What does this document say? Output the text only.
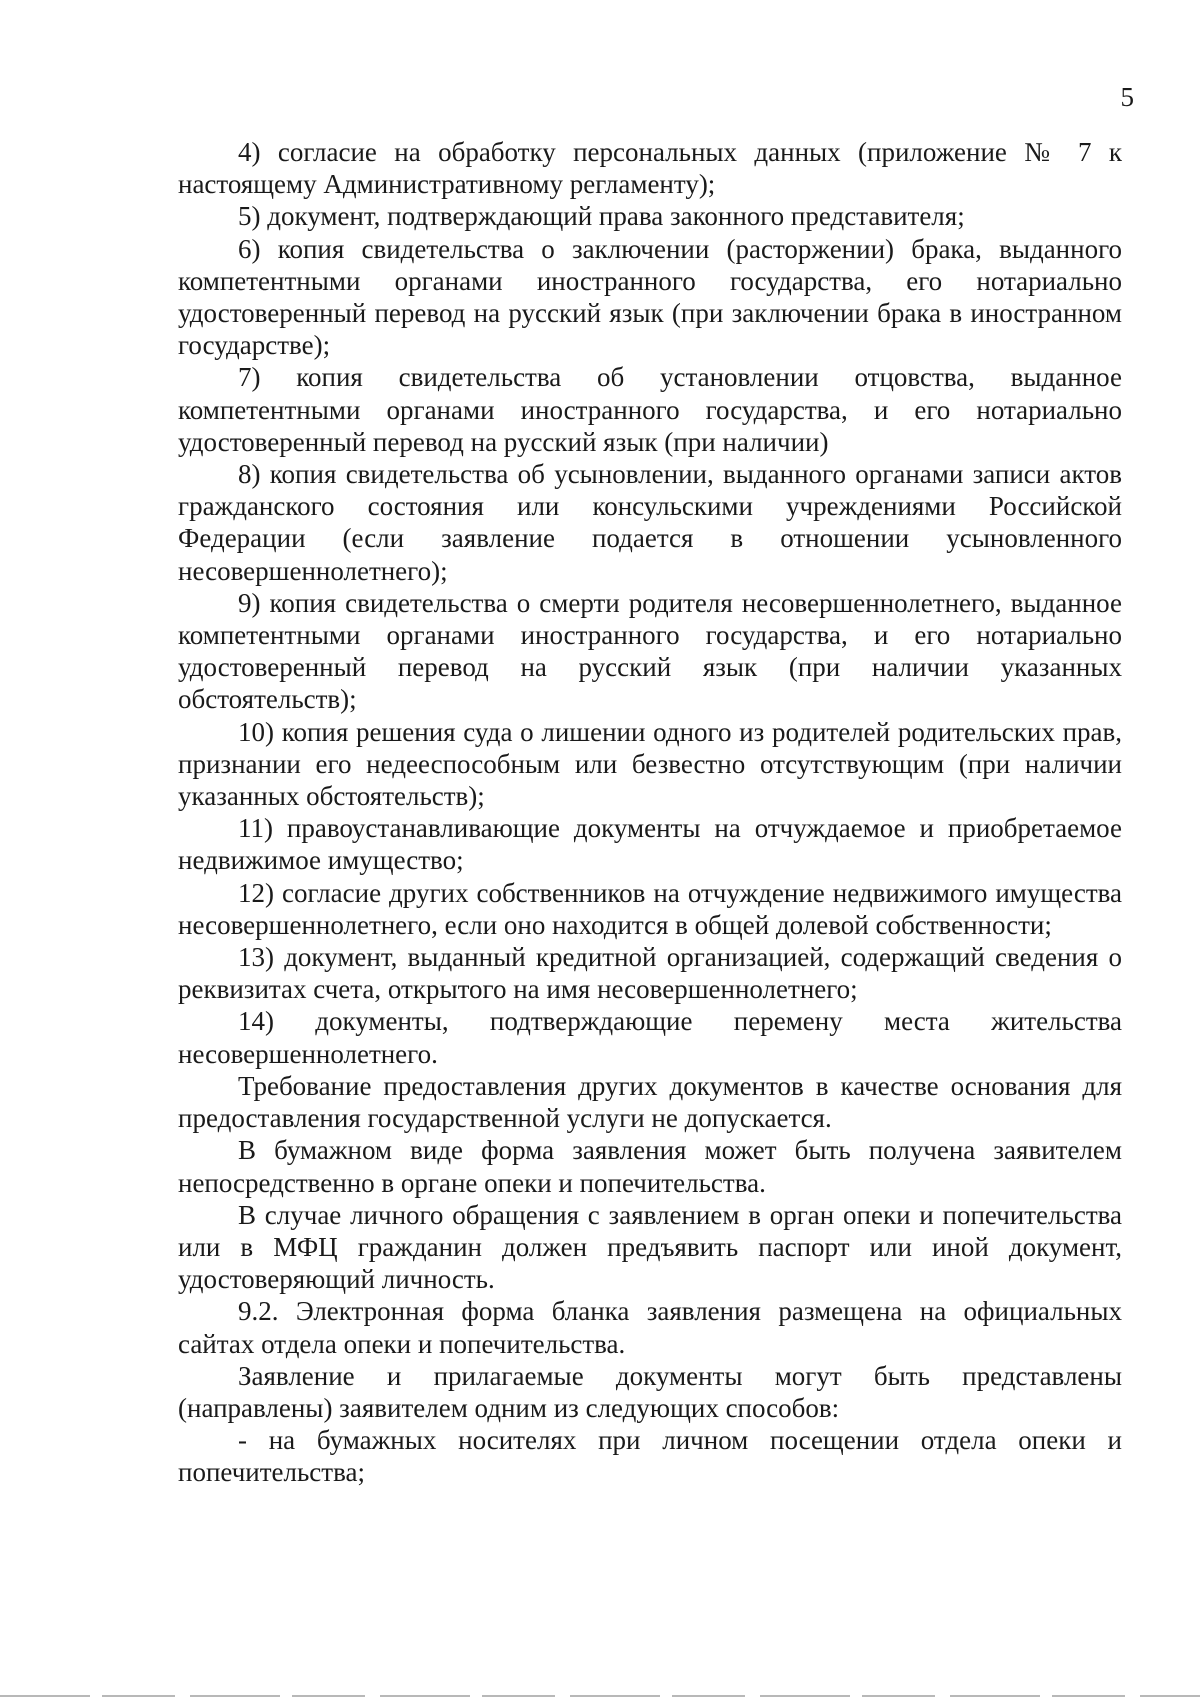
5

4) согласие на обработку персональных данных (приложение № 7 к настоящему Административному регламенту);

5) документ, подтверждающий права законного представителя;

6) копия свидетельства о заключении (расторжении) брака, выданного компетентными органами иностранного государства, его нотариально удостоверенный перевод на русский язык (при заключении брака в иностранном государстве);

7) копия свидетельства об установлении отцовства, выданное компетентными органами иностранного государства, и его нотариально удостоверенный перевод на русский язык (при наличии)

8) копия свидетельства об усыновлении, выданного органами записи актов гражданского состояния или консульскими учреждениями Российской Федерации (если заявление подается в отношении усыновленного несовершеннолетнего);

9) копия свидетельства о смерти родителя несовершеннолетнего, выданное компетентными органами иностранного государства, и его нотариально удостоверенный перевод на русский язык (при наличии указанных обстоятельств);

10) копия решения суда о лишении одного из родителей родительских прав, признании его недееспособным или безвестно отсутствующим (при наличии указанных обстоятельств);

11) правоустанавливающие документы на отчуждаемое и приобретаемое недвижимое имущество;

12) согласие других собственников на отчуждение недвижимого имущества несовершеннолетнего, если оно находится в общей долевой собственности;

13) документ, выданный кредитной организацией, содержащий сведения о реквизитах счета, открытого на имя несовершеннолетнего;

14) документы, подтверждающие перемену места жительства несовершеннолетнего.

Требование предоставления других документов в качестве основания для предоставления государственной услуги не допускается.

В бумажном виде форма заявления может быть получена заявителем непосредственно в органе опеки и попечительства.

В случае личного обращения с заявлением в орган опеки и попечительства или в МФЦ гражданин должен предъявить паспорт или иной документ, удостоверяющий личность.

9.2. Электронная форма бланка заявления размещена на официальных сайтах отдела опеки и попечительства.

Заявление и прилагаемые документы могут быть представлены (направлены) заявителем одним из следующих способов:

- на бумажных носителях при личном посещении отдела опеки и попечительства;
